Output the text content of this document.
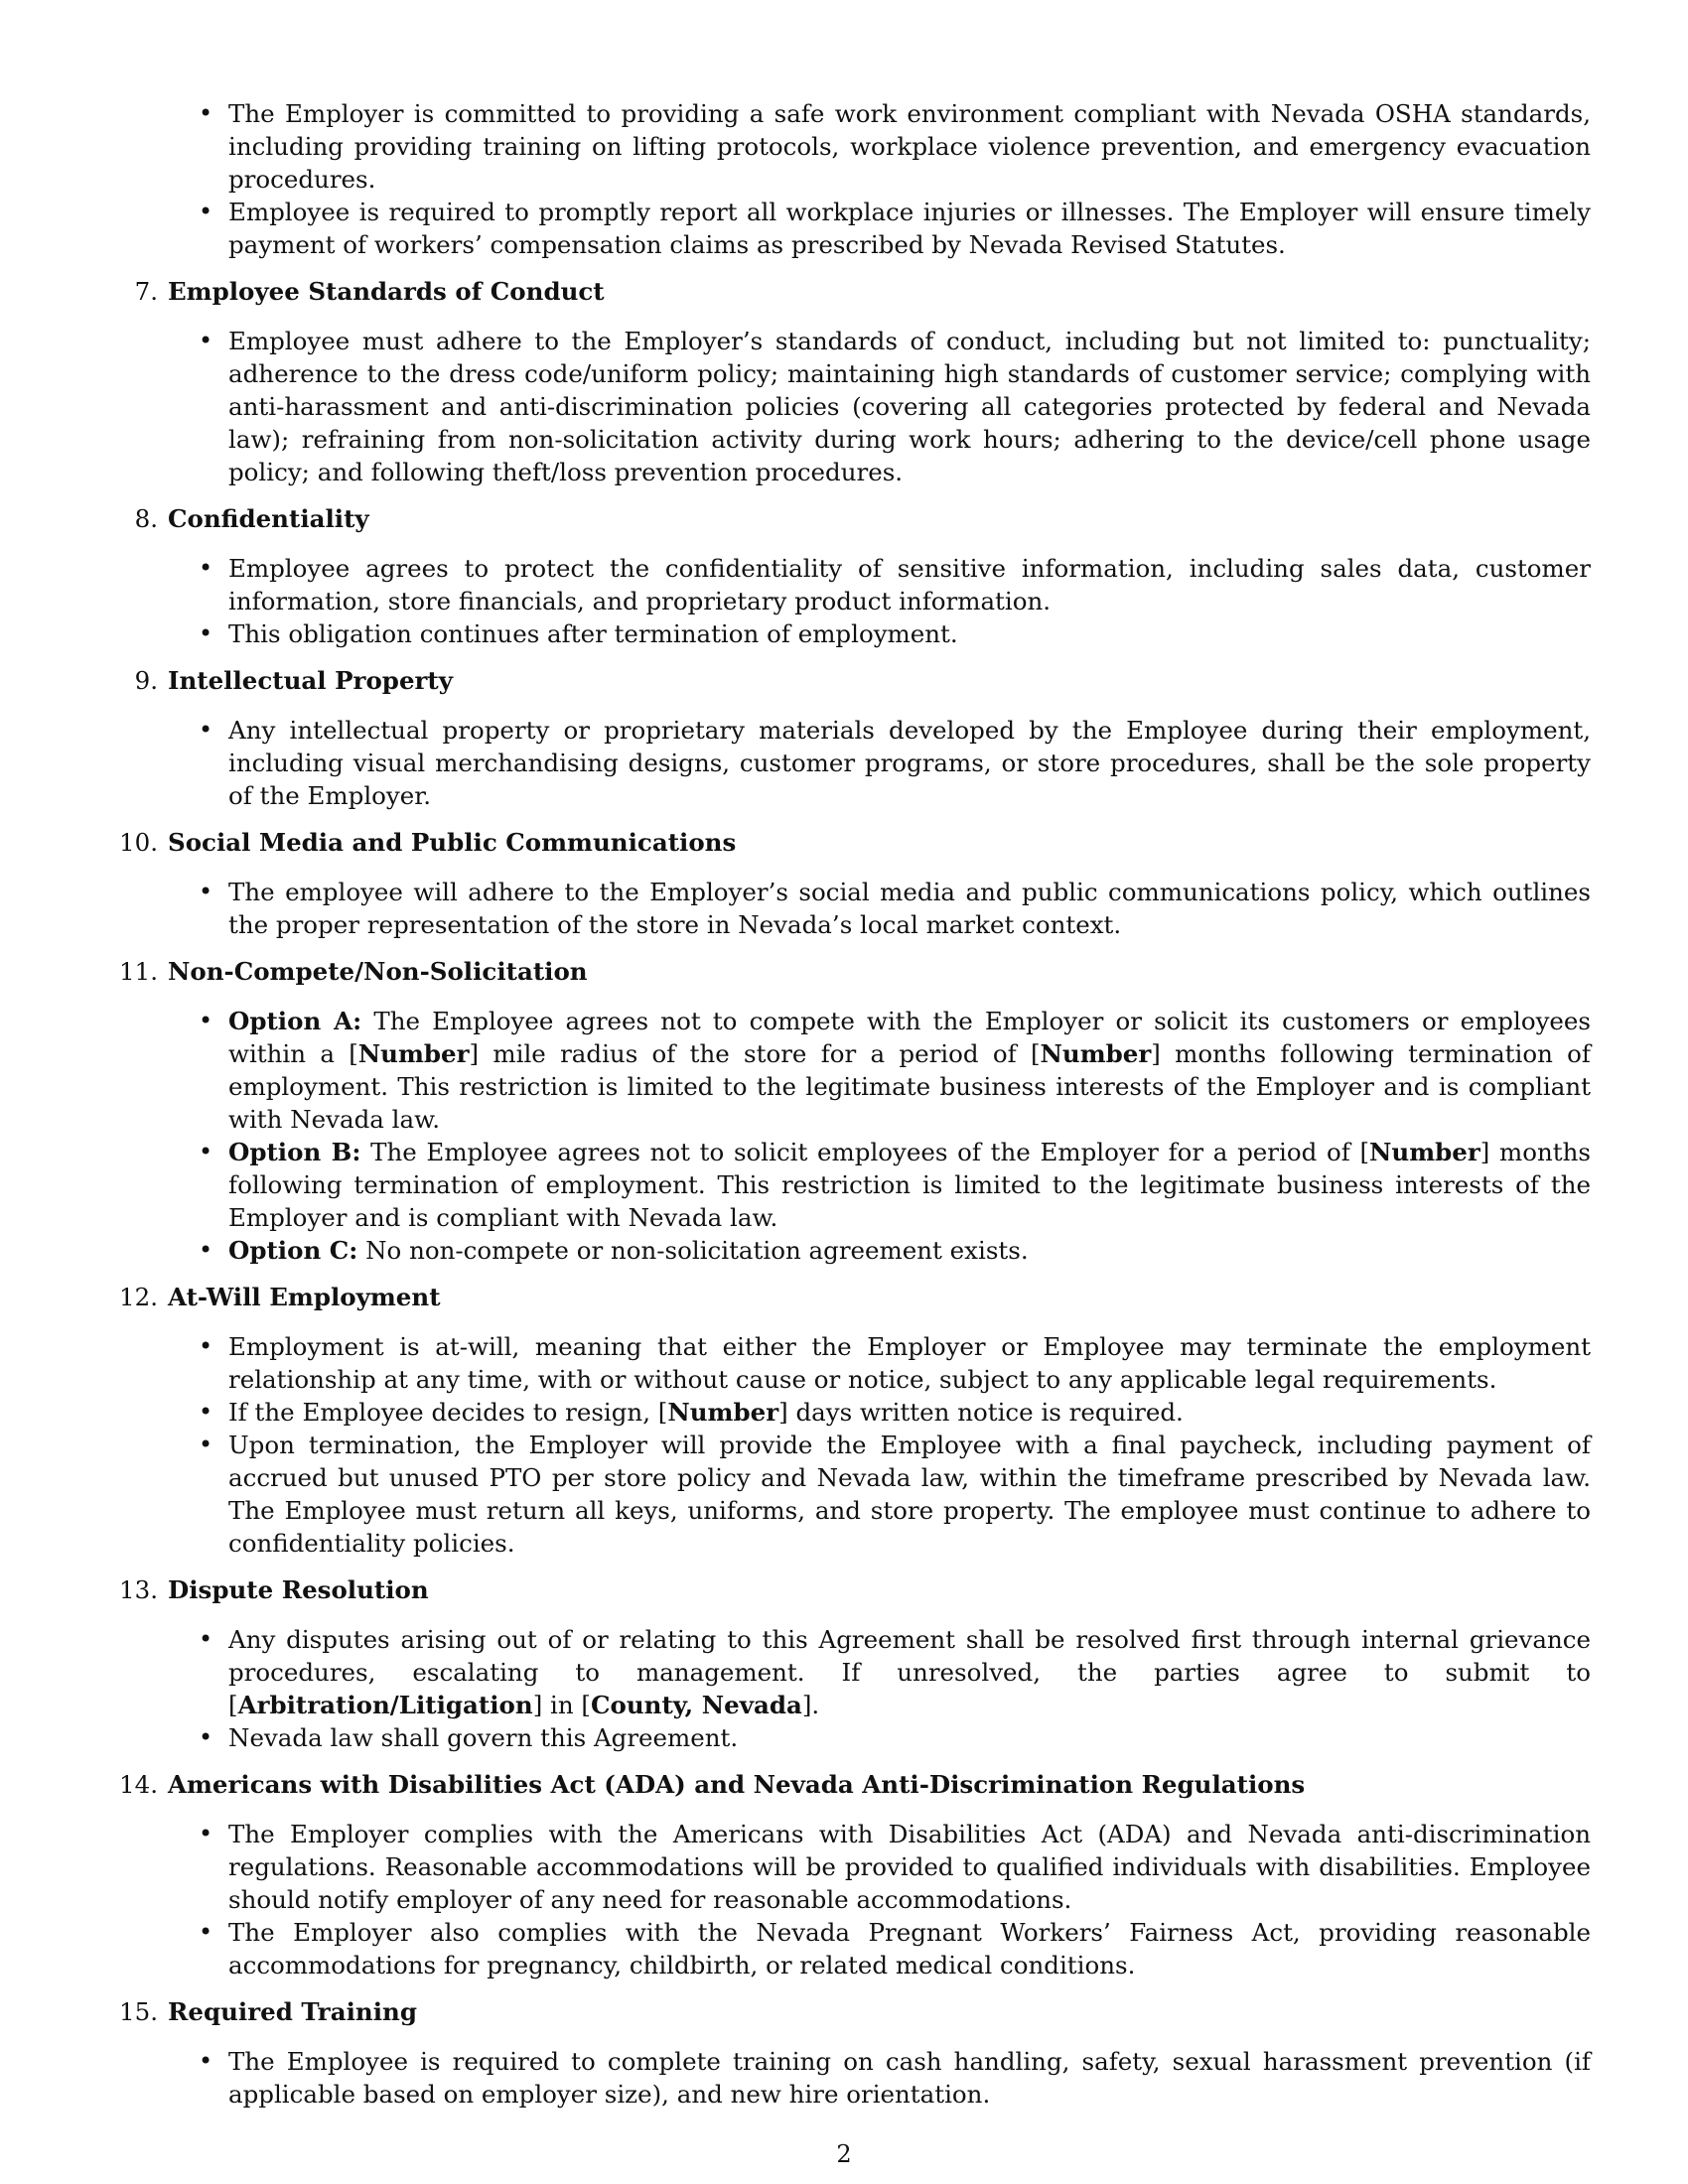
• The Employer is committed to providing a safe work environment compliant with Nevada OSHA standards, including providing training on lifting protocols, workplace violence prevention, and emergency evacuation procedures.
• Employee is required to promptly report all workplace injuries or illnesses. The Employer will ensure timely payment of workers’ compensation claims as prescribed by Nevada Revised Statutes.
7. Employee Standards of Conduct
• Employee must adhere to the Employer’s standards of conduct, including but not limited to: punctuality; adherence to the dress code/uniform policy; maintaining high standards of customer service; complying with anti-harassment and anti-discrimination policies (covering all categories protected by federal and Nevada law); refraining from non-solicitation activity during work hours; adhering to the device/cell phone usage policy; and following theft/loss prevention procedures.
8. Confidentiality
• Employee agrees to protect the confidentiality of sensitive information, including sales data, customer information, store financials, and proprietary product information.
• This obligation continues after termination of employment.
9. Intellectual Property
• Any intellectual property or proprietary materials developed by the Employee during their employment, including visual merchandising designs, customer programs, or store procedures, shall be the sole property of the Employer.
10. Social Media and Public Communications
• The employee will adhere to the Employer’s social media and public communications policy, which outlines the proper representation of the store in Nevada’s local market context.
11. Non-Compete/Non-Solicitation
• Option A: The Employee agrees not to compete with the Employer or solicit its customers or employees within a [Number] mile radius of the store for a period of [Number] months following termination of employment. This restriction is limited to the legitimate business interests of the Employer and is compliant with Nevada law.
• Option B: The Employee agrees not to solicit employees of the Employer for a period of [Number] months following termination of employment. This restriction is limited to the legitimate business interests of the Employer and is compliant with Nevada law.
• Option C: No non-compete or non-solicitation agreement exists.
12. At-Will Employment
• Employment is at-will, meaning that either the Employer or Employee may terminate the employment relationship at any time, with or without cause or notice, subject to any applicable legal requirements.
• If the Employee decides to resign, [Number] days written notice is required.
• Upon termination, the Employer will provide the Employee with a final paycheck, including payment of accrued but unused PTO per store policy and Nevada law, within the timeframe prescribed by Nevada law. The Employee must return all keys, uniforms, and store property. The employee must continue to adhere to confidentiality policies.
13. Dispute Resolution
• Any disputes arising out of or relating to this Agreement shall be resolved first through internal grievance procedures, escalating to management. If unresolved, the parties agree to submit to [Arbitration/Litigation] in [County, Nevada].
• Nevada law shall govern this Agreement.
14. Americans with Disabilities Act (ADA) and Nevada Anti-Discrimination Regulations
• The Employer complies with the Americans with Disabilities Act (ADA) and Nevada anti-discrimination regulations. Reasonable accommodations will be provided to qualified individuals with disabilities. Employee should notify employer of any need for reasonable accommodations.
• The Employer also complies with the Nevada Pregnant Workers’ Fairness Act, providing reasonable accommodations for pregnancy, childbirth, or related medical conditions.
15. Required Training
• The Employee is required to complete training on cash handling, safety, sexual harassment prevention (if applicable based on employer size), and new hire orientation.
2
